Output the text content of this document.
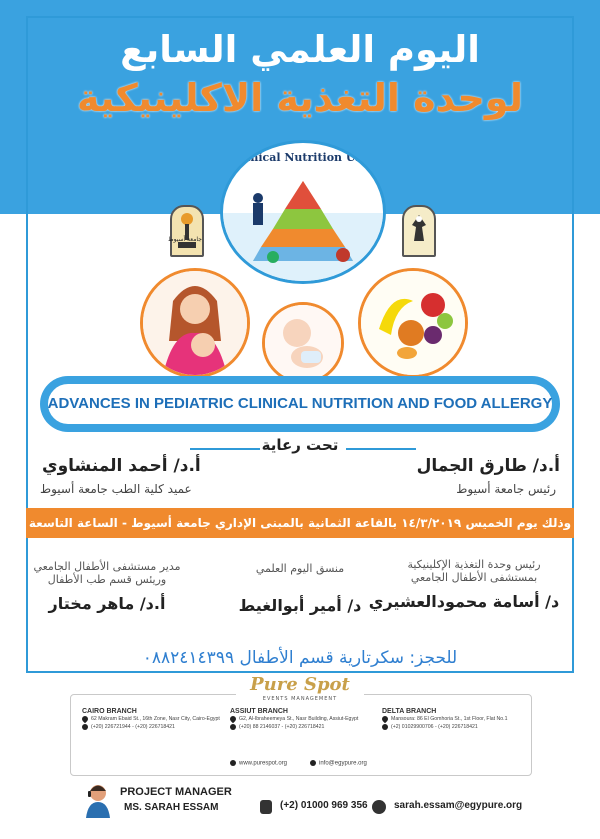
اليوم العلمي السابع
لوحدة التغذية الاكلينيكية
جامعة أسيوط
Clinical Nutrition Unit
ADVANCES IN PEDIATRIC CLINICAL NUTRITION AND FOOD ALLERGY
تحت رعاية
أ.د/ طارق الجمال
رئيس جامعة أسيوط
أ.د/ أحمد المنشاوي
عميد كلية الطب جامعة أسيوط
وذلك يوم الخميس ١٤/٣/٢٠١٩ بالقاعة الثمانية بالمبنى الإداري جامعة أسيوط - الساعة التاسعة صباحاً
رئيس وحدة التغذية الإكلينيكية بمستشفى الأطفال الجامعي
د/ أسامة محمودالعشيري
منسق اليوم العلمي
د/ أمير أبوالغيط
مدير مستشفى الأطفال الجامعي وريئس قسم طب الأطفال
أ.د/ ماهر مختار
للحجز: سكرتارية قسم الأطفال ٠٨٨٢٤١٤٣٩٩
Pure Spot
EVENTS MANAGEMENT
CAIRO BRANCH
62 Makram Ebaid St., 16th Zone, Nasr City, Cairo-Egypt
(+20) 226721944 - (+20) 226718421
ASSIUT BRANCH
G2, Al-Ibraheemeya St., Nasr Building, Assiut-Egypt
(+20) 88 2146037 - (+20) 226718421
DELTA BRANCH
Mansoura: 86 El Gomhoria St., 1st Floor, Flat No.1
(+2) 01029900706 - (+20) 226718421
www.purespot.org	info@egypure.org
PROJECT MANAGER
MS. SARAH ESSAM	(+2) 01000 969 356	sarah.essam@egypure.org
